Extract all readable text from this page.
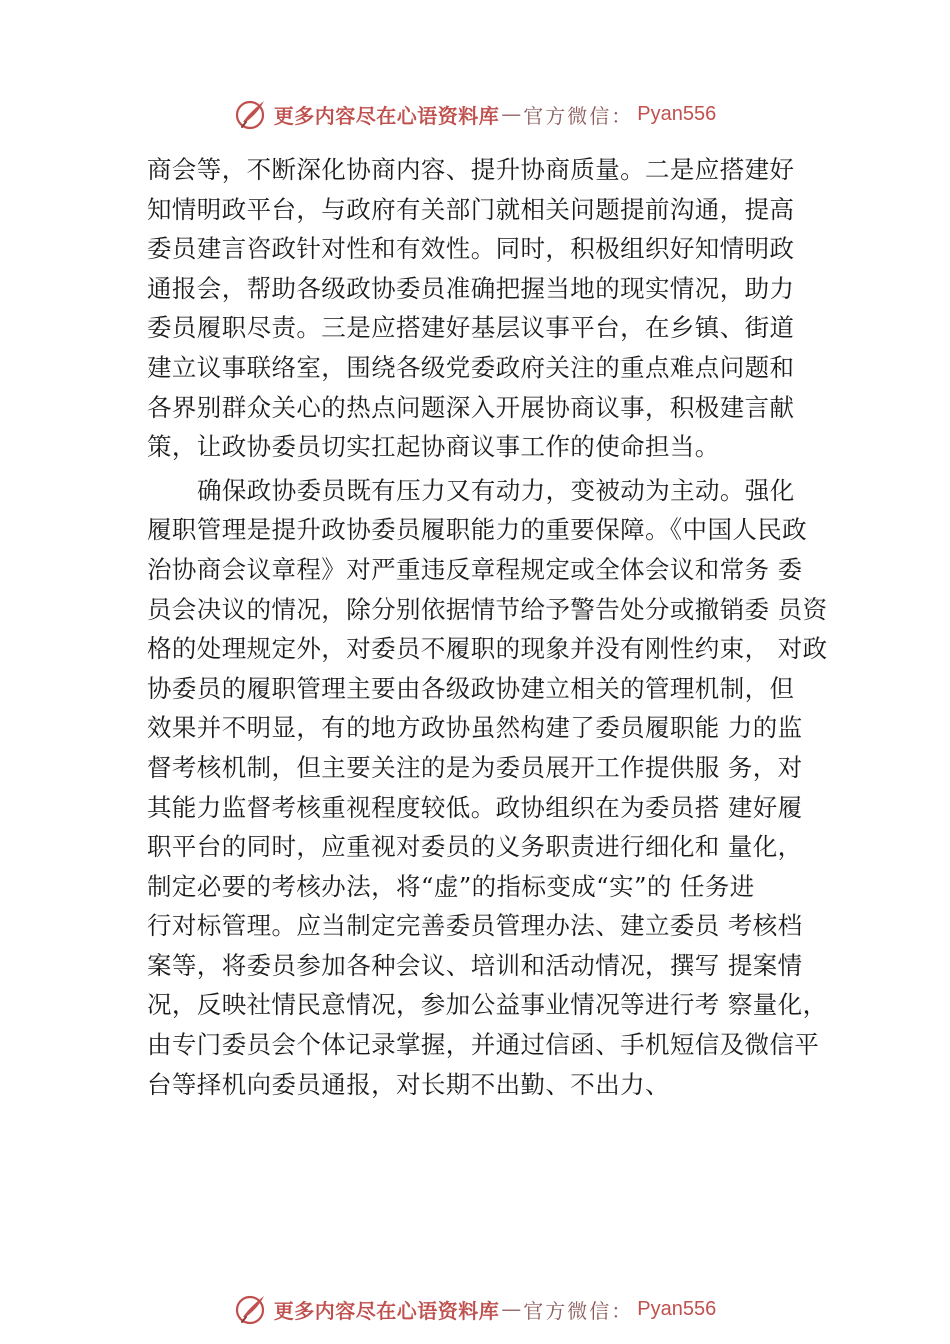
更多内容尽在心语资料库 — 官方微信： Pyan556
商会等，不断深化协商内容、提升协商质量。二是应搭建好
知情明政平台，与政府有关部门就相关问题提前沟通，提高
委员建言咨政针对性和有效性。同时，积极组织好知情明政
通报会，帮助各级政协委员准确把握当地的现实情况，助力
委员履职尽责。三是应搭建好基层议事平台，在乡镇、街道
建立议事联络室，围绕各级党委政府关注的重点难点问题和
各界别群众关心的热点问题深入开展协商议事，积极建言献
策，让政协委员切实扛起协商议事工作的使命担当。
确保政协委员既有压力又有动力，变被动为主动。强化
履职管理是提升政协委员履职能力的重要保障。《中国人民政
治协商会议章程》对严重违反章程规定或全体会议和常务 委
员会决议的情况，除分别依据情节给予警告处分或撤销委 员资
格的处理规定外，对委员不履职的现象并没有刚性约束， 对政
协委员的履职管理主要由各级政协建立相关的管理机制，但
效果并不明显，有的地方政协虽然构建了委员履职能 力的监
督考核机制，但主要关注的是为委员展开工作提供服 务，对
其能力监督考核重视程度较低。政协组织在为委员搭 建好履
职平台的同时，应重视对委员的义务职责进行细化和 量化，
制定必要的考核办法，将“虚”的指标变成“实”的 任务进
行对标管理。应当制定完善委员管理办法、建立委员 考核档
案等，将委员参加各种会议、培训和活动情况，撰写 提案情
况，反映社情民意情况，参加公益事业情况等进行考 察量化，
由专门委员会个体记录掌握，并通过信函、手机短信及微信平
台等择机向委员通报，对长期不出勤、不出力、
更多内容尽在心语资料库 — 官方微信： Pyan556
